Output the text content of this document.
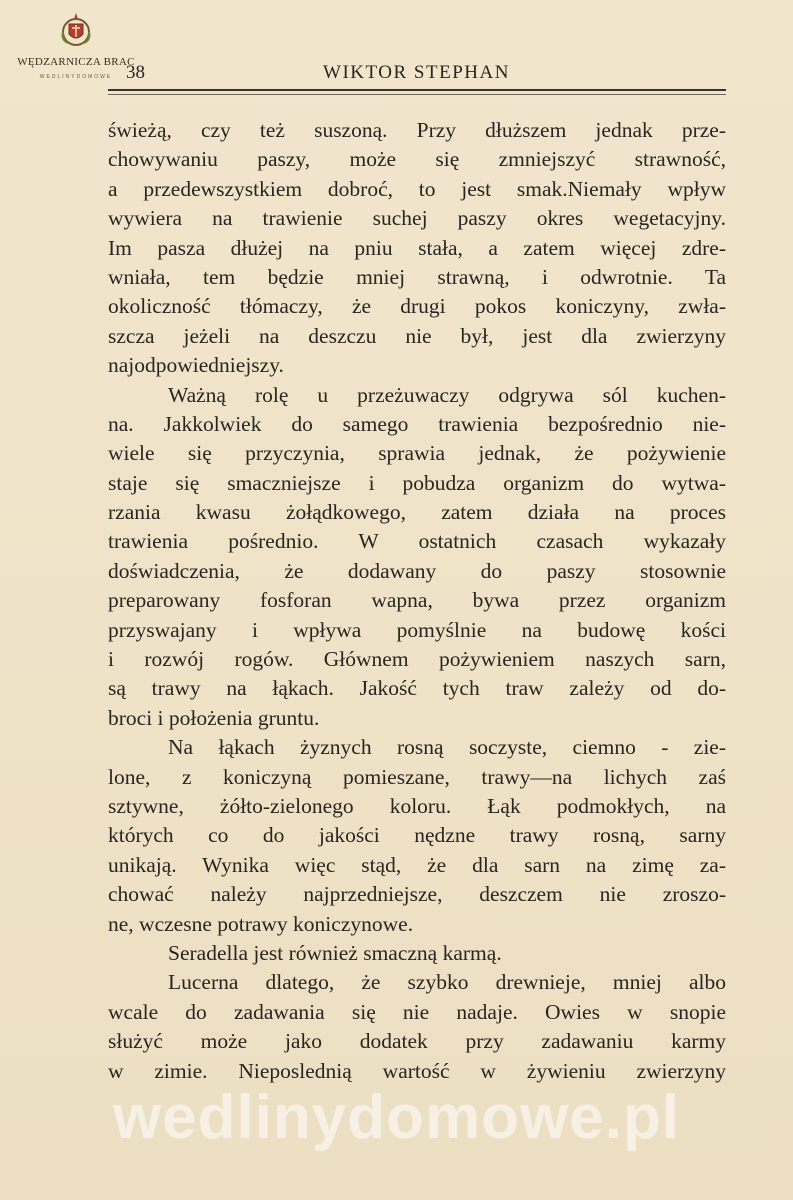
WĘDZARNICZA BRAC
WEDLINYDOMOWE 38	WIKTOR STEPHAN
świeżą, czy też suszoną. Przy dłuższem jednak prze-
chowywaniu paszy, może się zmniejszyć strawność,
a przedewszystkiem dobroć, to jest smak.Niemały wpływ
wywiera na trawienie suchej paszy okres wegetacyjny.
Im pasza dłużej na pniu stała, a zatem więcej zdre-
wniała, tem będzie mniej strawną, i odwrotnie. Ta
okoliczność tłómaczy, że drugi pokos koniczyny, zwła-
szcza jeżeli na deszczu nie był, jest dla zwierzyny
najodpowiedniejszy.
Ważną rolę u przeżuwaczy odgrywa sól kuchen-
na. Jakkolwiek do samego trawienia bezpośrednio nie-
wiele się przyczynia, sprawia jednak, że pożywienie
staje się smaczniejsze i pobudza organizm do wytwa-
rzania kwasu żołądkowego, zatem działa na proces
trawienia pośrednio. W ostatnich czasach wykazały
doświadczenia, że dodawany do paszy stosownie
preparowany fosforan wapna, bywa przez organizm
przyswajany i wpływa pomyślnie na budowę kości
i rozwój rogów. Głównem pożywieniem naszych sarn,
są trawy na łąkach. Jakość tych traw zależy od do-
broci i położenia gruntu.
Na łąkach żyznych rosną soczyste, ciemno - zie-
lone, z koniczyną pomieszane, trawy—na lichych zaś
sztywne, żółto-zielonego koloru. Łąk podmokłych, na
których co do jakości nędzne trawy rosną, sarny
unikają. Wynika więc stąd, że dla sarn na zimę za-
chować należy najprzedniejsze, deszczem nie zroszo-
ne, wczesne potrawy koniczynowe.
Seradella jest również smaczną karmą.
Lucerna dlatego, że szybko drewnieje, mniej albo
wcale do zadawania się nie nadaje. Owies w snopie
służyć może jako dodatek przy zadawaniu karmy
w zimie. Nieposlednią wartość w żywieniu zwierzyny
wedlinydomowe.pl
